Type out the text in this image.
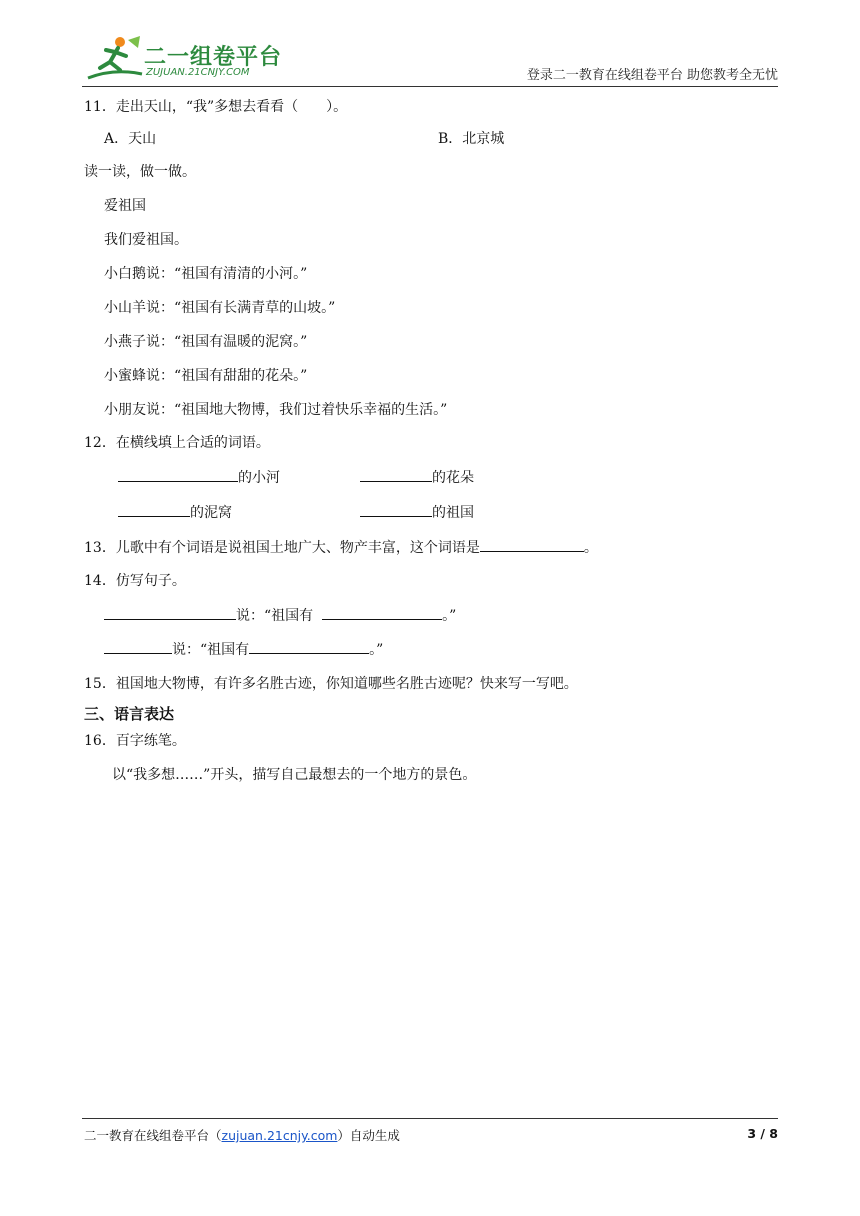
二一组卷平台
ZUJUAN.21CNJY.COM	登录二一教育在线组卷平台 助您教考全无忧
11．走出天山，“我”多想去看看（　　）。
A．天山	B．北京城
读一读，做一做。
爱祖国
我们爱祖国。
小白鹅说：“祖国有清清的小河。”
小山羊说：“祖国有长满青草的山坡。”
小燕子说：“祖国有温暖的泥窝。”
小蜜蜂说：“祖国有甜甜的花朵。”
小朋友说：“祖国地大物博，我们过着快乐幸福的生活。”
12．在横线填上合适的词语。
的小河	的花朵
的泥窝	的祖国
13．儿歌中有个词语是说祖国土地广大、物产丰富，这个词语是	。
14．仿写句子。
说：“祖国有	。”
说：“祖国有	。”
15．祖国地大物博，有许多名胜古迹，你知道哪些名胜古迹呢？快来写一写吧。
三、语言表达
16．百字练笔。
以“我多想……”开头，描写自己最想去的一个地方的景色。
二一教育在线组卷平台（zujuan.21cnjy.com）自动生成	3 / 8
